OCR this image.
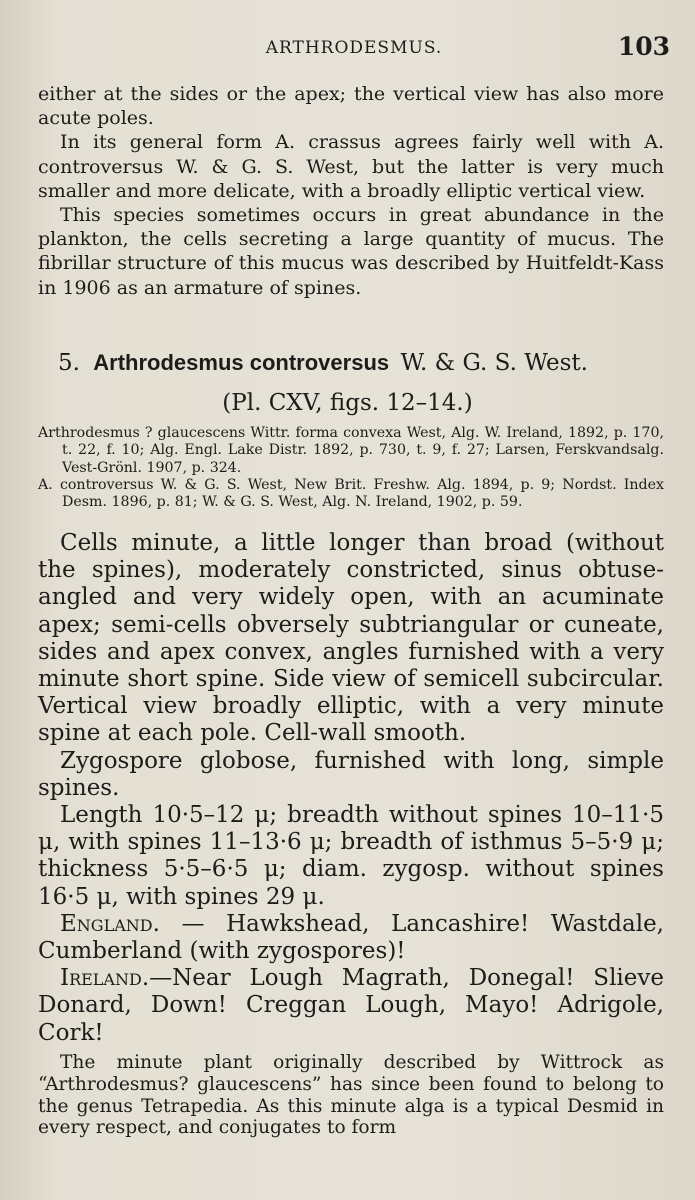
ARTHRODESMUS.	103

either at the sides or the apex; the vertical view has also more acute poles.

In its general form A. crassus agrees fairly well with A. controversus W. & G. S. West, but the latter is very much smaller and more delicate, with a broadly elliptic vertical view.

This species sometimes occurs in great abundance in the plankton, the cells secreting a large quantity of mucus. The fibrillar structure of this mucus was described by Huitfeldt-Kass in 1906 as an armature of spines.

5. Arthrodesmus controversus W. & G. S. West.
(Pl. CXV, figs. 12–14.)

Arthrodesmus ? glaucescens Wittr. forma convexa West, Alg. W. Ireland, 1892, p. 170, t. 22, f. 10; Alg. Engl. Lake Distr. 1892, p. 730, t. 9, f. 27; Larsen, Ferskvandsalg. Vest-Grönl. 1907, p. 324.

A. controversus W. & G. S. West, New Brit. Freshw. Alg. 1894, p. 9; Nordst. Index Desm. 1896, p. 81; W. & G. S. West, Alg. N. Ireland, 1902, p. 59.

Cells minute, a little longer than broad (without the spines), moderately constricted, sinus obtuse-angled and very widely open, with an acuminate apex; semi-cells obversely subtriangular or cuneate, sides and apex convex, angles furnished with a very minute short spine. Side view of semicell subcircular. Vertical view broadly elliptic, with a very minute spine at each pole. Cell-wall smooth.

Zygospore globose, furnished with long, simple spines.

Length 10·5–12 μ; breadth without spines 10–11·5 μ, with spines 11–13·6 μ; breadth of isthmus 5–5·9 μ; thickness 5·5–6·5 μ; diam. zygosp. without spines 16·5 μ, with spines 29 μ.

England. — Hawkshead, Lancashire! Wastdale, Cumberland (with zygospores)!

Ireland.—Near Lough Magrath, Donegal! Slieve Donard, Down! Creggan Lough, Mayo! Adrigole, Cork!

The minute plant originally described by Wittrock as “Arthrodesmus? glaucescens” has since been found to belong to the genus Tetrapedia. As this minute alga is a typical Desmid in every respect, and conjugates to form
